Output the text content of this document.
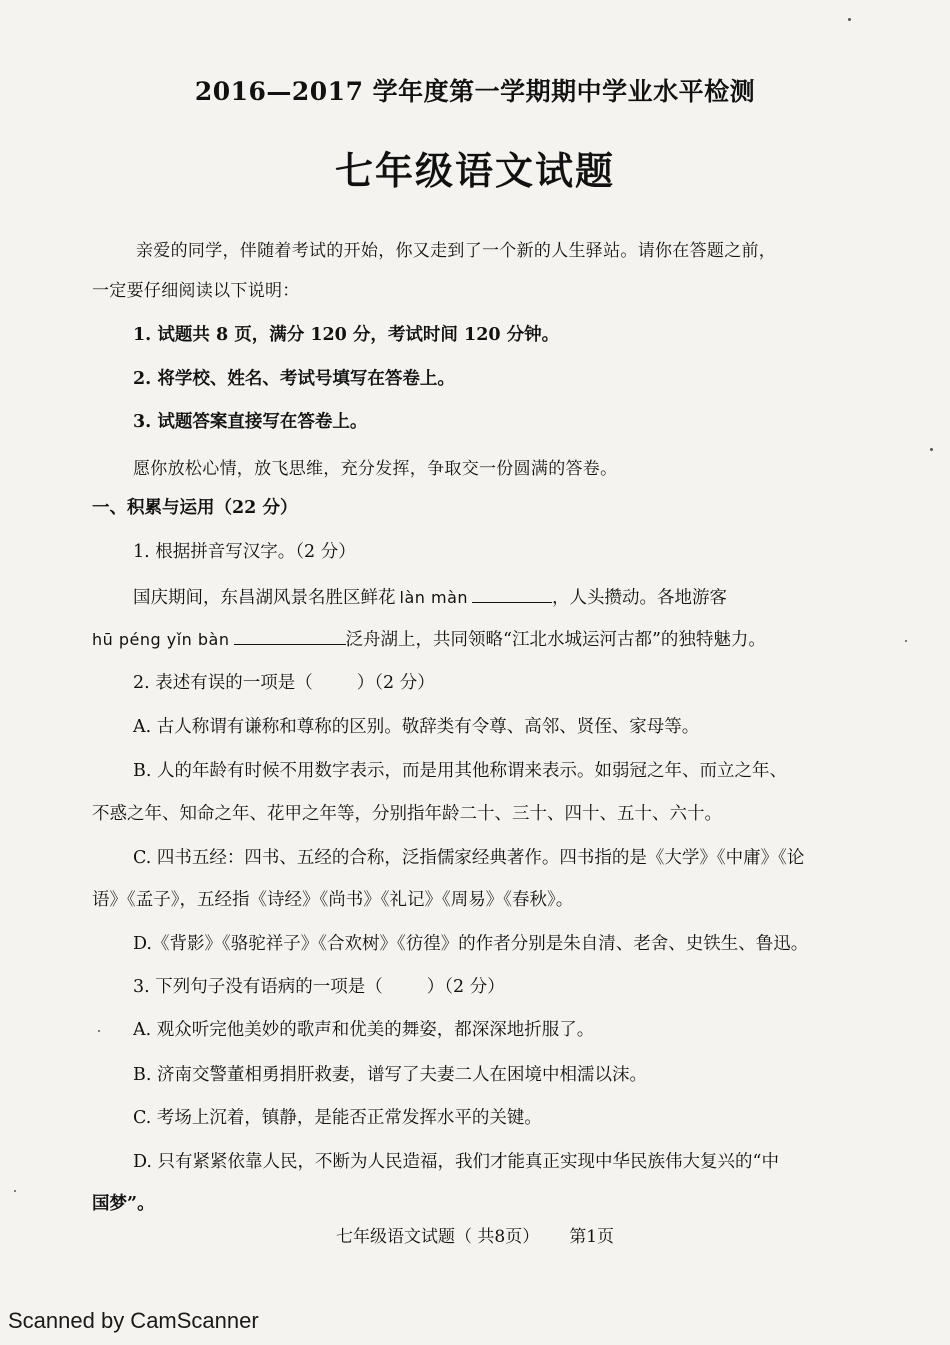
2016—2017 学年度第一学期期中学业水平检测
七年级语文试题
亲爱的同学，伴随着考试的开始，你又走到了一个新的人生驿站。请你在答题之前，
一定要仔细阅读以下说明：
1. 试题共 8 页，满分 120 分，考试时间 120 分钟。
2. 将学校、姓名、考试号填写在答卷上。
3. 试题答案直接写在答卷上。
愿你放松心情，放飞思维，充分发挥，争取交一份圆满的答卷。
一、积累与运用（22 分）
1. 根据拼音写汉字。（2 分）
国庆期间，东昌湖风景名胜区鲜花 làn màn	，人头攒动。各地游客
hū péng yǐn bàn	泛舟湖上，共同领略“江北水城运河古都”的独特魅力。
2. 表述有误的一项是（	）（2 分）
A. 古人称谓有谦称和尊称的区别。敬辞类有令尊、高邻、贤侄、家母等。
B. 人的年龄有时候不用数字表示，而是用其他称谓来表示。如弱冠之年、而立之年、
不惑之年、知命之年、花甲之年等，分别指年龄二十、三十、四十、五十、六十。
C. 四书五经：四书、五经的合称，泛指儒家经典著作。四书指的是《大学》《中庸》《论
语》《孟子》，五经指《诗经》《尚书》《礼记》《周易》《春秋》。
D.《背影》《骆驼祥子》《合欢树》《彷徨》的作者分别是朱自清、老舍、史铁生、鲁迅。
3. 下列句子没有语病的一项是（	）（2 分）
A. 观众听完他美妙的歌声和优美的舞姿，都深深地折服了。
B. 济南交警董相勇捐肝救妻，谱写了夫妻二人在困境中相濡以沫。
C. 考场上沉着，镇静，是能否正常发挥水平的关键。
D. 只有紧紧依靠人民，不断为人民造福，我们才能真正实现中华民族伟大复兴的“中
国梦”。
七年级语文试题（ 共8页） 第1页
Scanned by CamScanner
